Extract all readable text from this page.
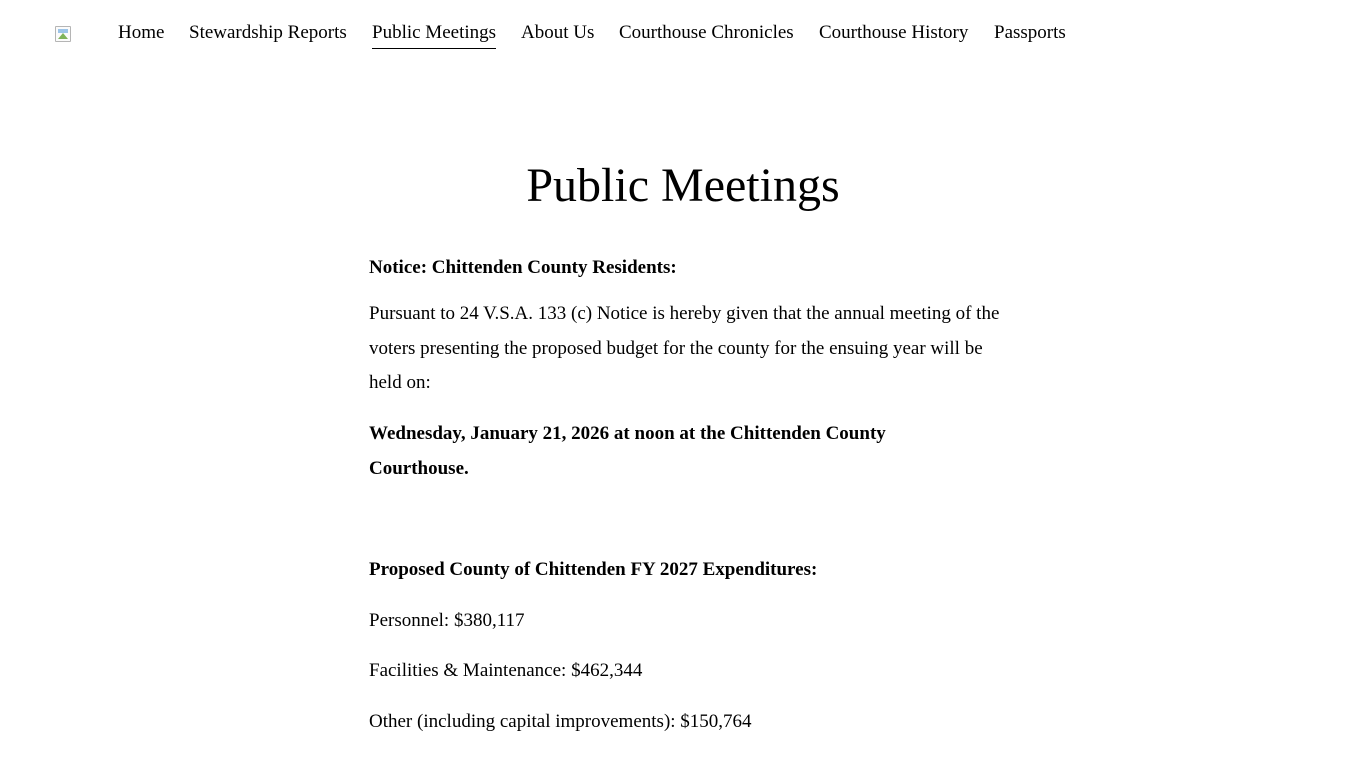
Home Stewardship Reports Public Meetings About Us Courthouse Chronicles Courthouse History Passports
Public Meetings

Notice: Chittenden County Residents:

Pursuant to 24 V.S.A. 133 (c) Notice is hereby given that the annual meeting of the voters presenting the proposed budget for the county for the ensuing year will be held on:

Wednesday, January 21, 2026 at noon at the Chittenden County Courthouse.

Proposed County of Chittenden FY 2027 Expenditures:

Personnel: $380,117

Facilities & Maintenance: $462,344

Other (including capital improvements): $150,764
